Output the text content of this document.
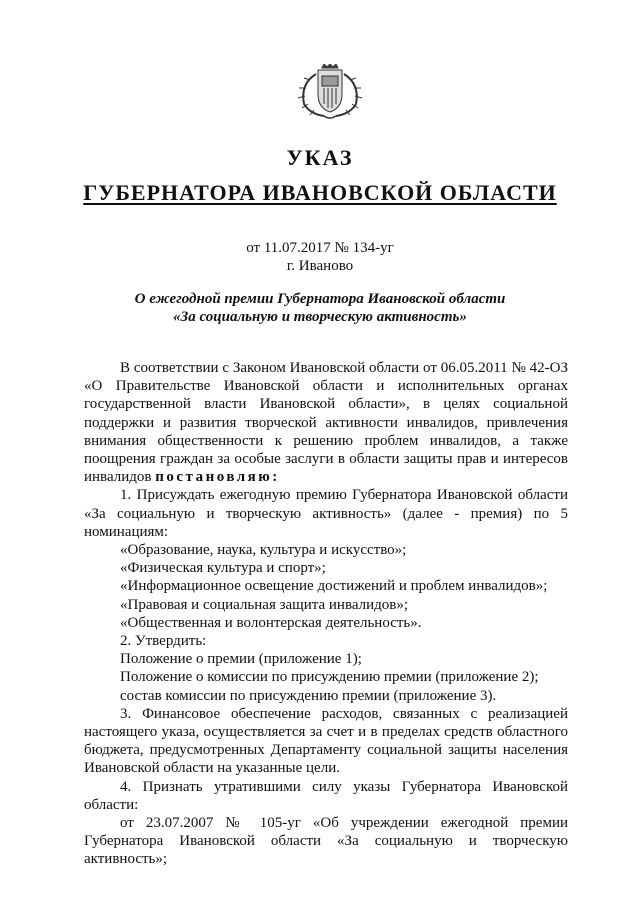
УКАЗ
ГУБЕРНАТОРА ИВАНОВСКОЙ ОБЛАСТИ
от 11.07.2017 № 134-уг
г. Иваново
О ежегодной премии Губернатора Ивановской области
«За социальную и творческую активность»

В соответствии с Законом Ивановской области от 06.05.2011 № 42-ОЗ «О Правительстве Ивановской области и исполнительных органах государственной власти Ивановской области», в целях социальной поддержки и развития творческой активности инвалидов, привлечения внимания общественности к решению проблем инвалидов, а также поощрения граждан за особые заслуги в области защиты прав и интересов инвалидов постановляю:

1. Присуждать ежегодную премию Губернатора Ивановской области «За социальную и творческую активность» (далее - премия) по 5 номинациям:

«Образование, наука, культура и искусство»;

«Физическая культура и спорт»;

«Информационное освещение достижений и проблем инвалидов»;

«Правовая и социальная защита инвалидов»;

«Общественная и волонтерская деятельность».

2. Утвердить:

Положение о премии (приложение 1);

Положение о комиссии по присуждению премии (приложение 2);

состав комиссии по присуждению премии (приложение 3).

3. Финансовое обеспечение расходов, связанных с реализацией настоящего указа, осуществляется за счет и в пределах средств областного бюджета, предусмотренных Департаменту социальной защиты населения Ивановской области на указанные цели.

4. Признать утратившими силу указы Губернатора Ивановской области:

от 23.07.2007 № 105-уг «Об учреждении ежегодной премии Губернатора Ивановской области «За социальную и творческую активность»;
